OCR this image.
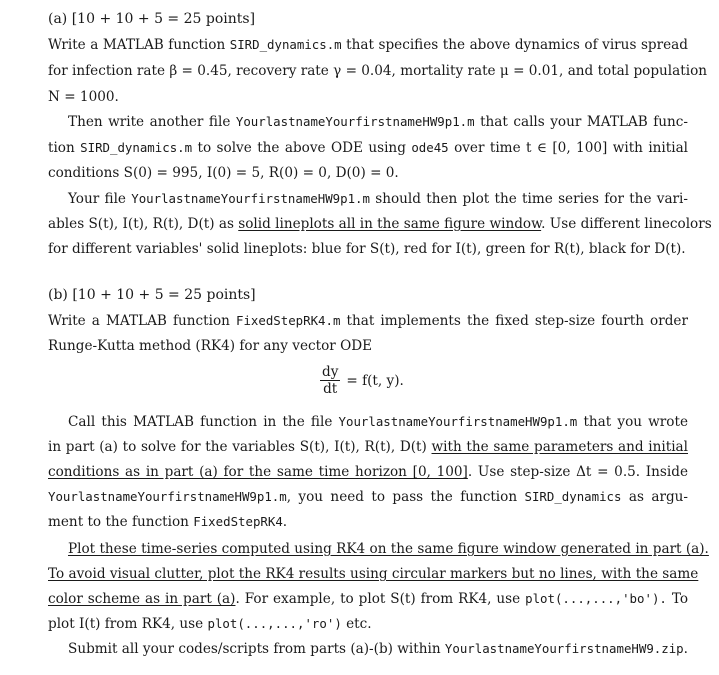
(a) [10 + 10 + 5 = 25 points]
Write a MATLAB function SIRD_dynamics.m that specifies the above dynamics of virus spread
for infection rate β = 0.45, recovery rate γ = 0.04, mortality rate μ = 0.01, and total population
N = 1000.
Then write another file YourlastnameYourfirstnameHW9p1.m that calls your MATLAB func-
tion SIRD_dynamics.m to solve the above ODE using ode45 over time t ∈ [0, 100] with initial
conditions S(0) = 995, I(0) = 5, R(0) = 0, D(0) = 0.
Your file YourlastnameYourfirstnameHW9p1.m should then plot the time series for the vari-
ables S(t), I(t), R(t), D(t) as solid lineplots all in the same figure window. Use different linecolors
for different variables' solid lineplots: blue for S(t), red for I(t), green for R(t), black for D(t).
(b) [10 + 10 + 5 = 25 points]
Write a MATLAB function FixedStepRK4.m that implements the fixed step-size fourth order
Runge-Kutta method (RK4) for any vector ODE
$\frac{dy}{dt} = f(t$, y).
Call this MATLAB function in the file YourlastnameYourfirstnameHW9p1.m that you wrote
in part (a) to solve for the variables S(t), I(t), R(t), D(t) with the same parameters and initial
conditions as in part (a) for the same time horizon [0, 100]. Use step-size Δt = 0.5. Inside
YourlastnameYourfirstnameHW9p1.m, you need to pass the function SIRD_dynamics as argu-
ment to the function FixedStepRK4.
Plot these time-series computed using RK4 on the same figure window generated in part (a).
To avoid visual clutter, plot the RK4 results using circular markers but no lines, with the same
color scheme as in part (a). For example, to plot S(t) from RK4, use plot(...,...,'bo'). To
plot I(t) from RK4, use plot(...,...,'ro') etc.
Submit all your codes/scripts from parts (a)-(b) within YourlastnameYourfirstnameHW9.zip.
